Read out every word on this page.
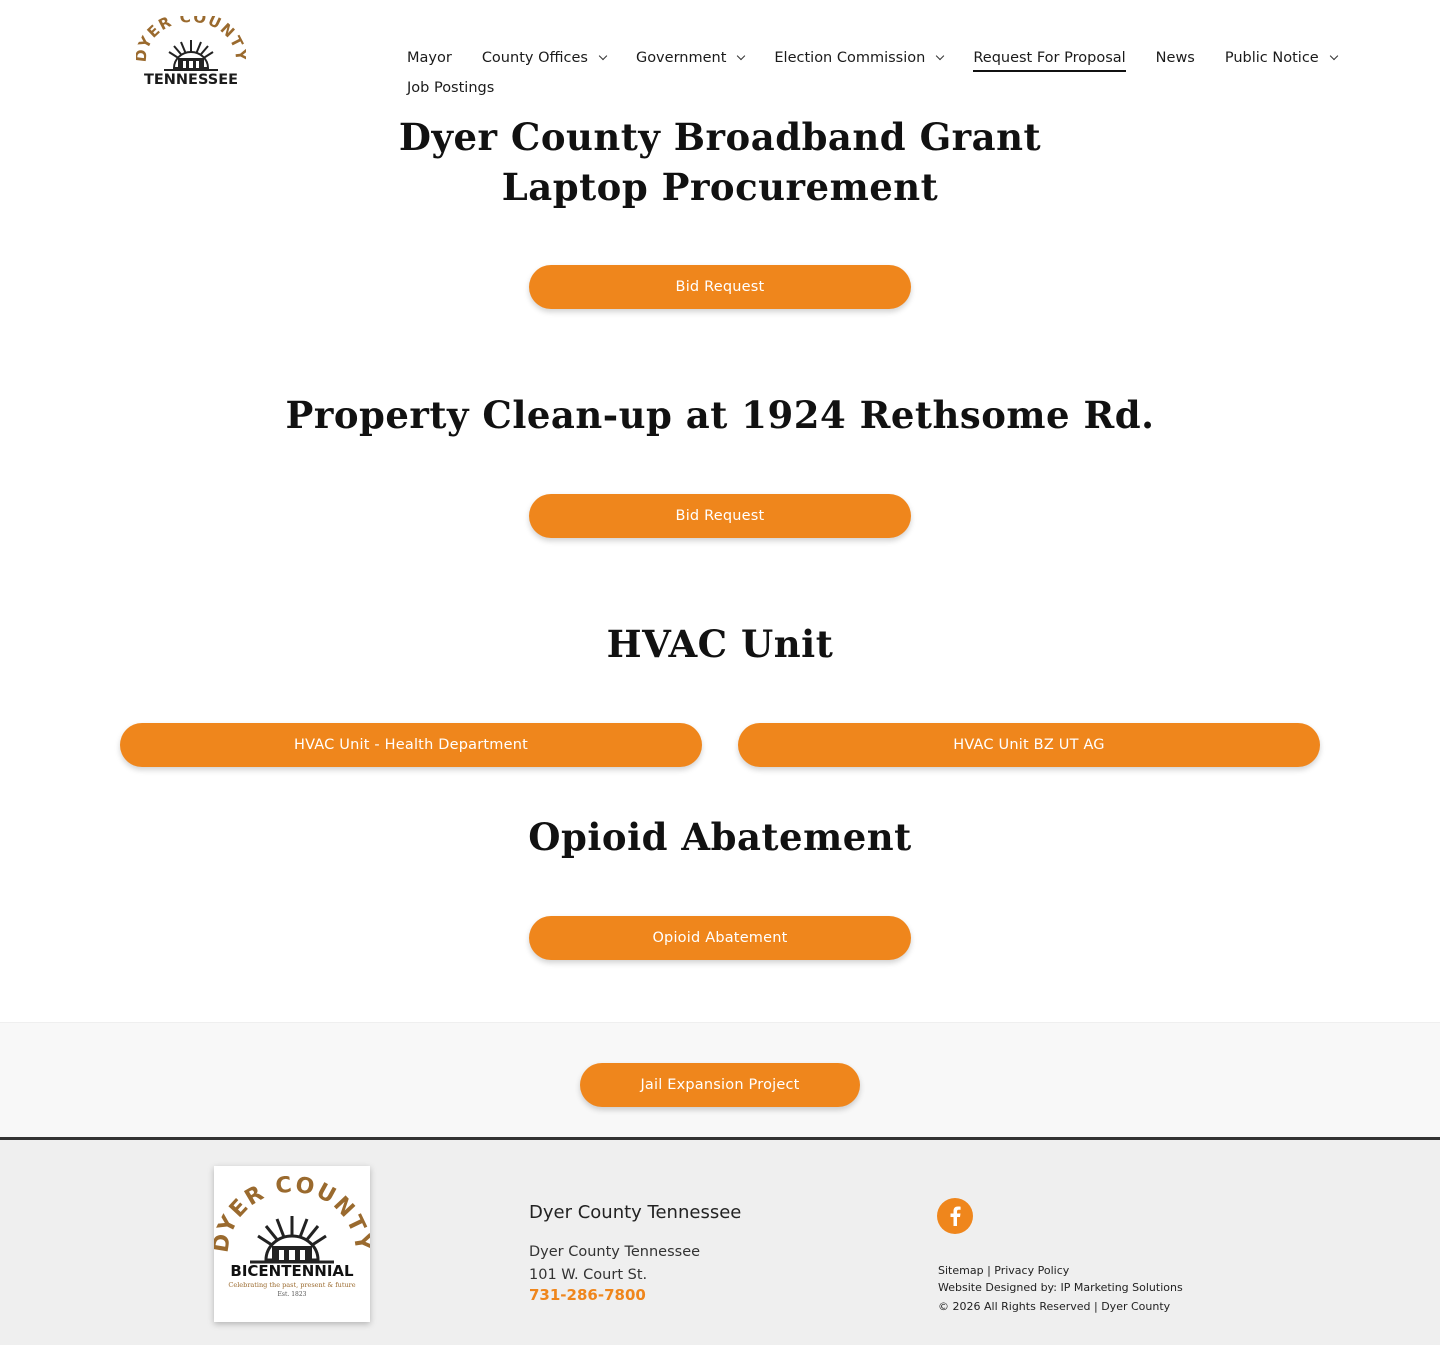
YER COUNT
TENNESSEE
Mayor County Offices	Government	Election Commission	Request For Proposal News Public Notice
Job Postings
Dyer County Broadband Grant
Laptop Procurement
Bid Request
Property Clean-up at 1924 Rethsome Rd.
Bid Request
HVAC Unit
HVAC Unit - Health Department	HVAC Unit BZ UT AG
Opioid Abatement
Opioid Abatement
Jail Expansion Project
YER COUNT
BICENTENNIAL
Celebrating the past, present & future
Est. 1823
Dyer County Tennessee
Dyer County Tennessee
101 W. Court St.
731-286-7800
Sitemap | Privacy Policy
Website Designed by: IP Marketing Solutions
© 2026 All Rights Reserved | Dyer County
